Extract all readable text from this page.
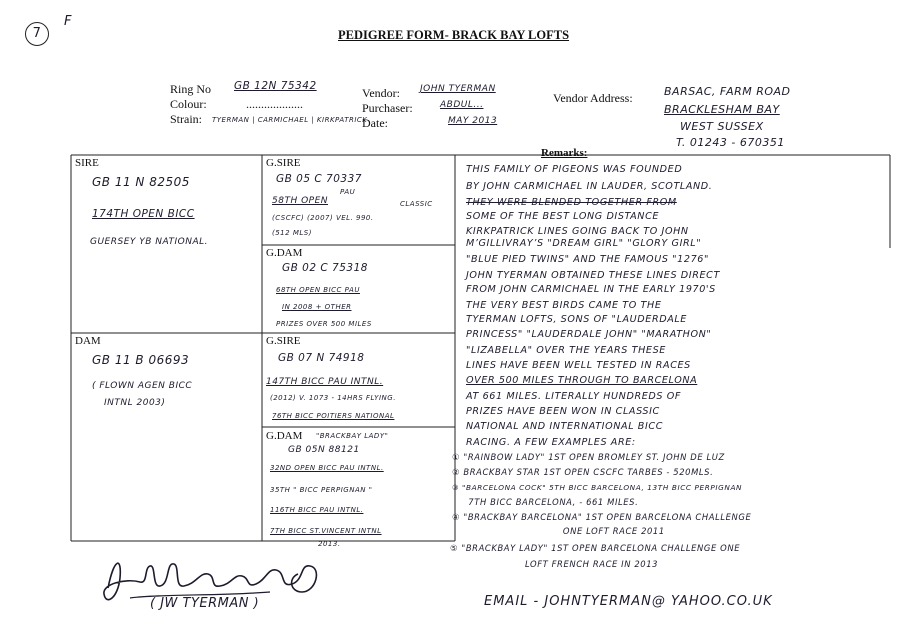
7
F
PEDIGREE FORM- BRACK BAY LOFTS
Ring No GB 12N 75342
Colour:	...................
Strain: TYERMAN | CARMICHAEL | KIRKPATRICK
Vendor: JOHN TYERMAN
Purchaser:	ABDUL...
Date:	MAY 2013
Vendor Address:	BARSAC, FARM ROAD
BRACKLESHAM BAY
WEST SUSSEX
T. 01243 - 670351
SIRE
GB 11 N 82505
174TH OPEN BICC
GUERSEY YB NATIONAL.
G.SIRE
GB 05 C 70337
PAU
58TH OPEN	CLASSIC
(CSCFC) (2007) VEL. 990.
(512 MLS)
G.DAM
GB 02 C 75318
68TH OPEN BICC PAU
IN 2008 + OTHER
PRIZES OVER 500 MILES
DAM
GB 11 B 06693
( FLOWN AGEN BICC
INTNL 2003)
G.SIRE
GB 07 N 74918
147TH BICC PAU INTNL.
(2012) V. 1073 - 14HRS FLYING.
76TH BICC POITIERS NATIONAL
G.DAM "BRACKBAY LADY"
GB 05N 88121
32ND OPEN BICC PAU INTNL.
35TH " BICC PERPIGNAN "
116TH BICC PAU INTNL.
7TH BICC ST.VINCENT INTNL
2013.
Remarks:
THIS FAMILY OF PIGEONS WAS FOUNDED
BY JOHN CARMICHAEL IN LAUDER, SCOTLAND.
THEY WERE BLENDED TOGETHER FROM
SOME OF THE BEST LONG DISTANCE
KIRKPATRICK LINES GOING BACK TO JOHN
M’GILLIVRAY’S "DREAM GIRL" "GLORY GIRL"
"BLUE PIED TWINS" AND THE FAMOUS "1276"
JOHN TYERMAN OBTAINED THESE LINES DIRECT
FROM JOHN CARMICHAEL IN THE EARLY 1970'S
THE VERY BEST BIRDS CAME TO THE
TYERMAN LOFTS, SONS OF "LAUDERDALE
PRINCESS" "LAUDERDALE JOHN" "MARATHON"
"LIZABELLA" OVER THE YEARS THESE
LINES HAVE BEEN WELL TESTED IN RACES
OVER 500 MILES THROUGH TO BARCELONA
AT 661 MILES. LITERALLY HUNDREDS OF
PRIZES HAVE BEEN WON IN CLASSIC
NATIONAL AND INTERNATIONAL BICC
RACING. A FEW EXAMPLES ARE:
① "RAINBOW LADY" 1ST OPEN BROMLEY ST. JOHN DE LUZ
② BRACKBAY STAR 1ST OPEN CSCFC TARBES - 520MLS.
③ "BARCELONA COCK" 5TH BICC BARCELONA, 13TH BICC PERPIGNAN
7TH BICC BARCELONA, - 661 MILES.
④ "BRACKBAY BARCELONA" 1ST OPEN BARCELONA CHALLENGE
ONE LOFT RACE 2011
⑤ "BRACKBAY LADY" 1ST OPEN BARCELONA CHALLENGE ONE
LOFT FRENCH RACE IN 2013
( JW TYERMAN )	EMAIL - JOHNTYERMAN@ YAHOO.CO.UK
